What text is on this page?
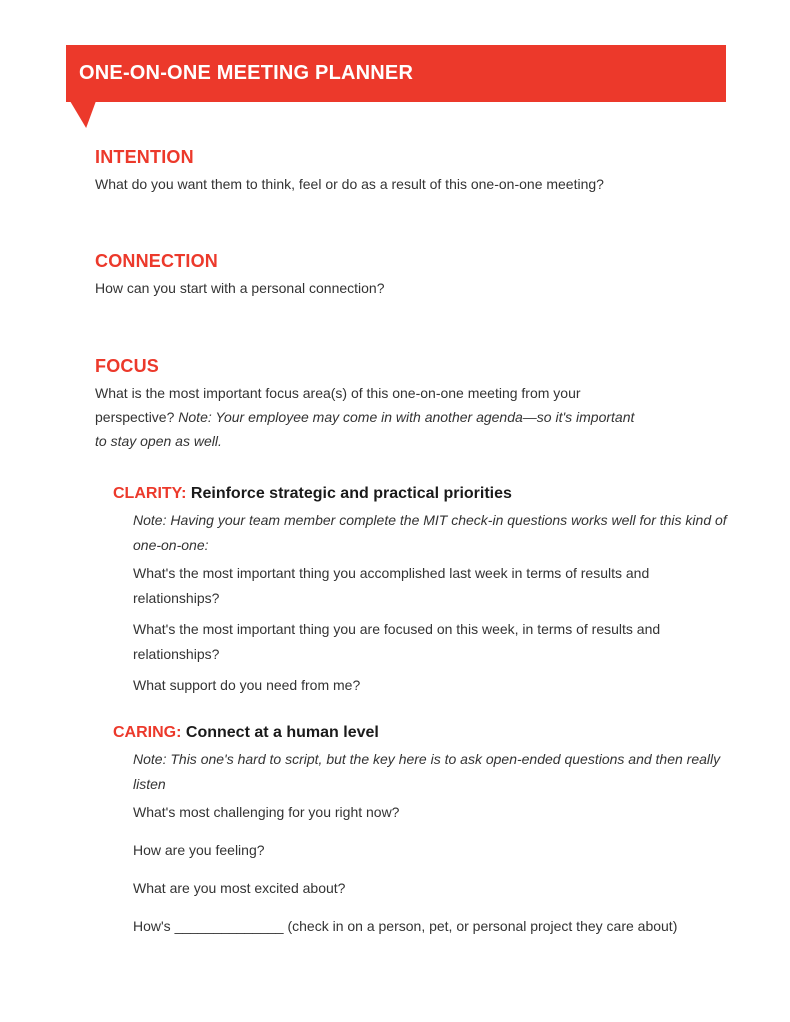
ONE-ON-ONE MEETING PLANNER
INTENTION

What do you want them to think, feel or do as a result of this one-on-one meeting?

CONNECTION

How can you start with a personal connection?

FOCUS

What is the most important focus area(s) of this one-on-one meeting from your perspective? Note: Your employee may come in with another agenda—so it's important to stay open as well.

CLARITY: Reinforce strategic and practical priorities

Note: Having your team member complete the MIT check-in questions works well for this kind of one-on-one:

What's the most important thing you accomplished last week in terms of results and relationships?

What's the most important thing you are focused on this week, in terms of results and relationships?

What support do you need from me?

CARING: Connect at a human level

Note: This one's hard to script, but the key here is to ask open-ended questions and then really listen

What's most challenging for you right now?

How are you feeling?

What are you most excited about?

How's ______________ (check in on a person, pet, or personal project they care about)
